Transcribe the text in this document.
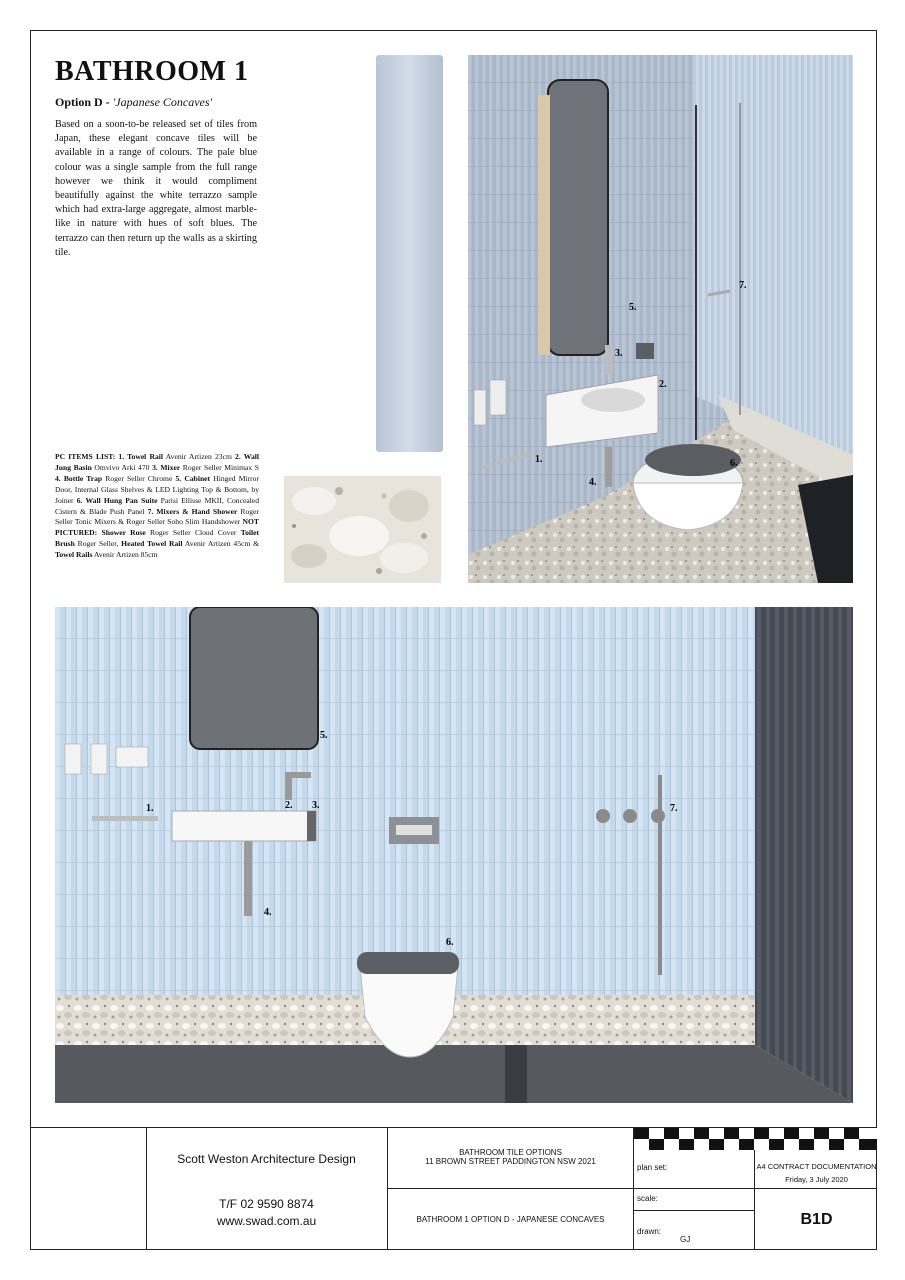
BATHROOM 1
Option D - 'Japanese Concaves'
Based on a soon-to-be released set of tiles from Japan, these elegant concave tiles will be available in a range of colours. The pale blue colour was a single sample from the full range however we think it would compliment beautifully against the white terrazzo sample which had extra-large aggregate, almost marble-like in nature with hues of soft blues. The terrazzo can then return up the walls as a skirting tile.
PC ITEMS LIST: 1. Towel Rail Avenir Artizen 23cm 2. Wall Jung Basin Omvivo Arki 470 3. Mixer Roger Seller Minimax S 4. Bottle Trap Roger Seller Chrome 5. Cabinet Hinged Mirror Door, Internal Glass Shelves & LED Lighting Top & Bottom, by Joiner 6. Wall Hung Pan Suite Parisi Ellisse MKII, Concealed Cistern & Blade Push Panel 7. Mixers & Hand Shower Roger Seller Tonic Mixers & Roger Seller Soho Slim Handshower NOT PICTURED: Shower Rose Roger Seller Cloud Cover Toilet Brush Roger Seller, Heated Towel Rail Avenir Artizen 45cm & Towel Rails Avenir Artizen 85cm
5.
3.
2.
1.
4.
6.
7.
5.
1.	2. 3.
4.
6.
7.
Scott Weston Architecture Design
T/F 02 9590 8874
www.swad.com.au
BATHROOM TILE OPTIONS
11 BROWN STREET PADDINGTON NSW 2021
BATHROOM 1 OPTION D - JAPANESE CONCAVES
plan set:	A4 CONTRACT DOCUMENTATION
Friday, 3 July 2020
scale:
drawn:
GJ
B1D
